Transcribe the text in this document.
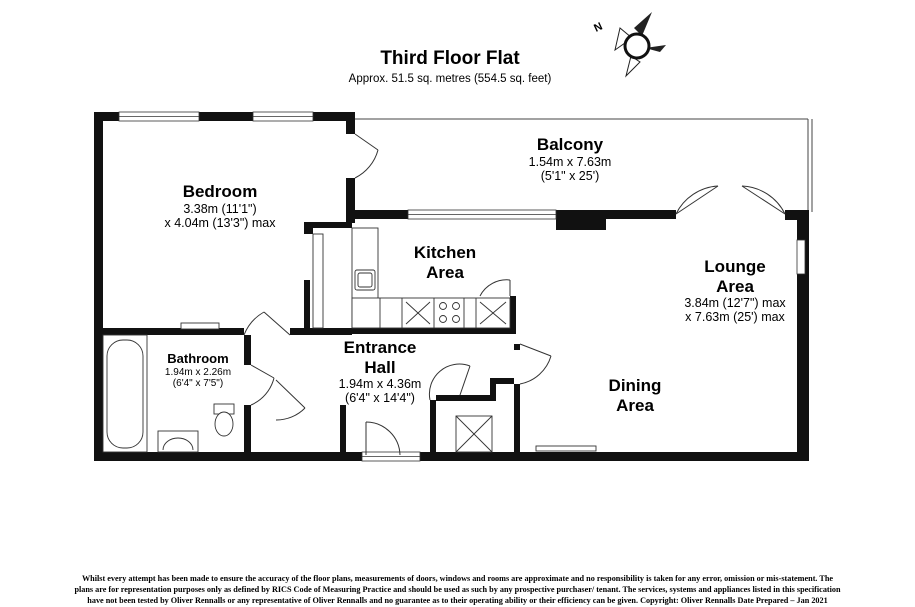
N
Third Floor Flat
Approx. 51.5 sq. metres (554.5 sq. feet)
Balcony
1.54m x 7.63m
(5'1" x 25')
Bedroom
3.38m (11'1")
x 4.04m (13'3") max
Kitchen
Area	Lounge
Area
3.84m (12'7") max
x 7.63m (25') max
Bathroom
1.94m x 2.26m
(6'4" x 7'5")
Entrance
Hall
1.94m x 4.36m
(6'4" x 14'4")
Dining
Area
Whilst every attempt has been made to ensure the accuracy of the floor plans, measurements of doors, windows and rooms are approximate and no responsibility is taken for any error, omission or mis-statement. The
plans are for representation purposes only as defined by RICS Code of Measuring Practice and should be used as such by any prospective purchaser/ tenant. The services, systems and appliances listed in this specification
have not been tested by Oliver Rennalls or any representative of Oliver Rennalls and no guarantee as to their operating ability or their efficiency can be given. Copyright: Oliver Rennalls Date Prepared – Jan 2021
